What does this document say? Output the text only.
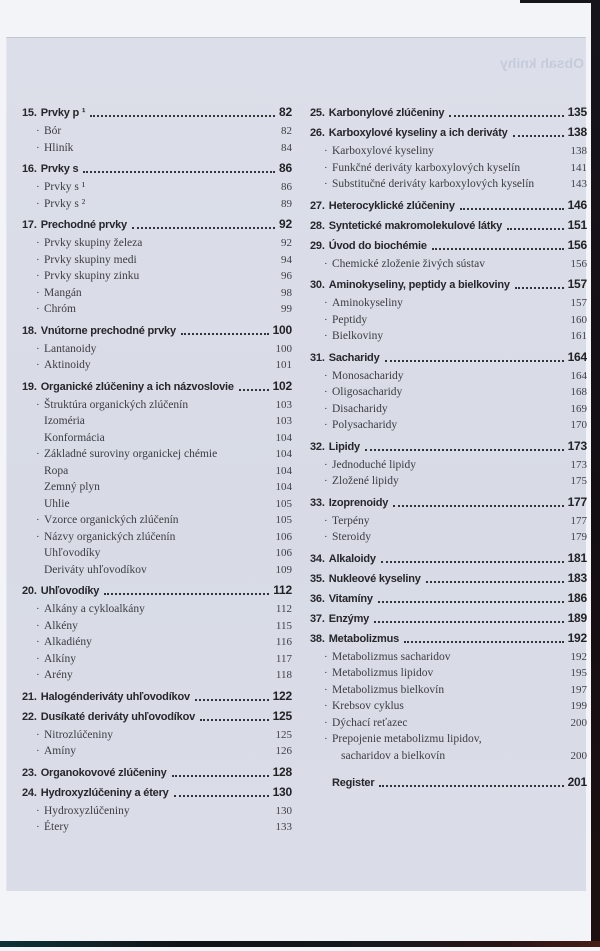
Obsah knihy
15. Prvky p ¹	82
· Bór	82
· Hliník	84
16. Prvky s	86
· Prvky s ¹	86
· Prvky s ²	89
17. Prechodné prvky	92
· Prvky skupiny železa	92
· Prvky skupiny medi	94
· Prvky skupiny zinku	96
· Mangán	98
· Chróm	99
18. Vnútorne prechodné prvky	100
· Lantanoidy	100
· Aktinoidy	101
19. Organické zlúčeniny a ich názvoslovie	102
· Štruktúra organických zlúčenín	103
Izoméria	103
Konformácia	104
· Základné suroviny organickej chémie	104
Ropa	104
Zemný plyn	104
Uhlie	105
· Vzorce organických zlúčenín	105
· Názvy organických zlúčenín	106
Uhľovodíky	106
Deriváty uhľovodíkov	109
20. Uhľovodíky	112
· Alkány a cykloalkány	112
· Alkény	115
· Alkadiény	116
· Alkíny	117
· Arény	118
21. Halogénderiváty uhľovodíkov	122
22. Dusíkaté deriváty uhľovodíkov	125
· Nitrozlúčeniny	125
· Amíny	126
23. Organokovové zlúčeniny	128
24. Hydroxyzlúčeniny a étery	130
· Hydroxyzlúčeniny	130
· Étery	133
25. Karbonylové zlúčeniny	135
26. Karboxylové kyseliny a ich deriváty	138
· Karboxylové kyseliny	138
· Funkčné deriváty karboxylových kyselín	141
· Substitučné deriváty karboxylových kyselín	143
27. Heterocyklické zlúčeniny	146
28. Syntetické makromolekulové látky	151
29. Úvod do biochémie	156
· Chemické zloženie živých sústav	156
30. Aminokyseliny, peptidy a bielkoviny	157
· Aminokyseliny	157
· Peptidy	160
· Bielkoviny	161
31. Sacharidy	164
· Monosacharidy	164
· Oligosacharidy	168
· Disacharidy	169
· Polysacharidy	170
32. Lipidy	173
· Jednoduché lipidy	173
· Zložené lipidy	175
33. Izoprenoidy	177
· Terpény	177
· Steroidy	179
34. Alkaloidy	181
35. Nukleové kyseliny	183
36. Vitamíny	186
37. Enzýmy	189
38. Metabolizmus	192
· Metabolizmus sacharidov	192
· Metabolizmus lipidov	195
· Metabolizmus bielkovín	197
· Krebsov cyklus	199
· Dýchací reťazec	200
· Prepojenie metabolizmu lipidov,
sacharidov a bielkovín	200
Register	201
